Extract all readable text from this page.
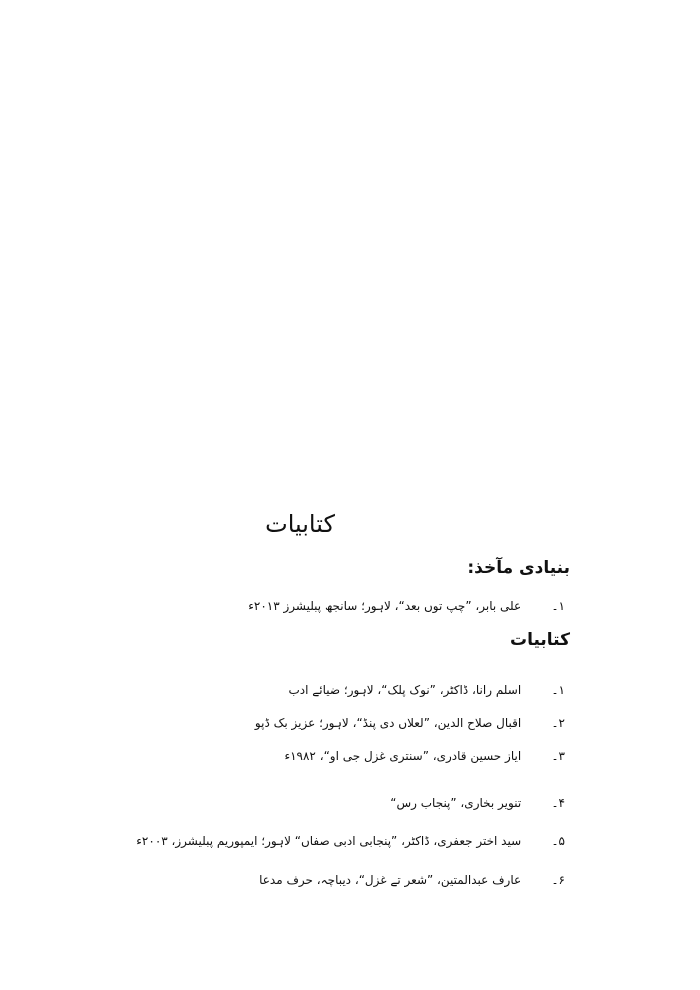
کتابیات
بنیادی مآخذ:
۱۔ علی بابر، ”چپ توں بعد“، لاہور؛ سانجھ پبلیشرز ۲۰۱۳ء
کتابیات
۱۔ اسلم رانا، ڈاکٹر، ”نوک پلک“، لاہور؛ ضیائے ادب
۲۔ اقبال صلاح الدین، ”لعلاں دی پنڈ“، لاہور؛ عزیز بک ڈپو
۳۔ ایاز حسین قادری، ”سنتری غزل جی او“، ۱۹۸۲ء
۴۔ تنویر بخاری، ”پنجاب رس“
۵۔ سید اختر جعفری، ڈاکٹر، ”پنجابی ادبی صفاں“ لاہور؛ ایمپوریم پبلیشرز، ۲۰۰۳ء
۶۔ عارف عبدالمتین، ”شعر تے غزل“، دیباچہ، حرف مدعا
